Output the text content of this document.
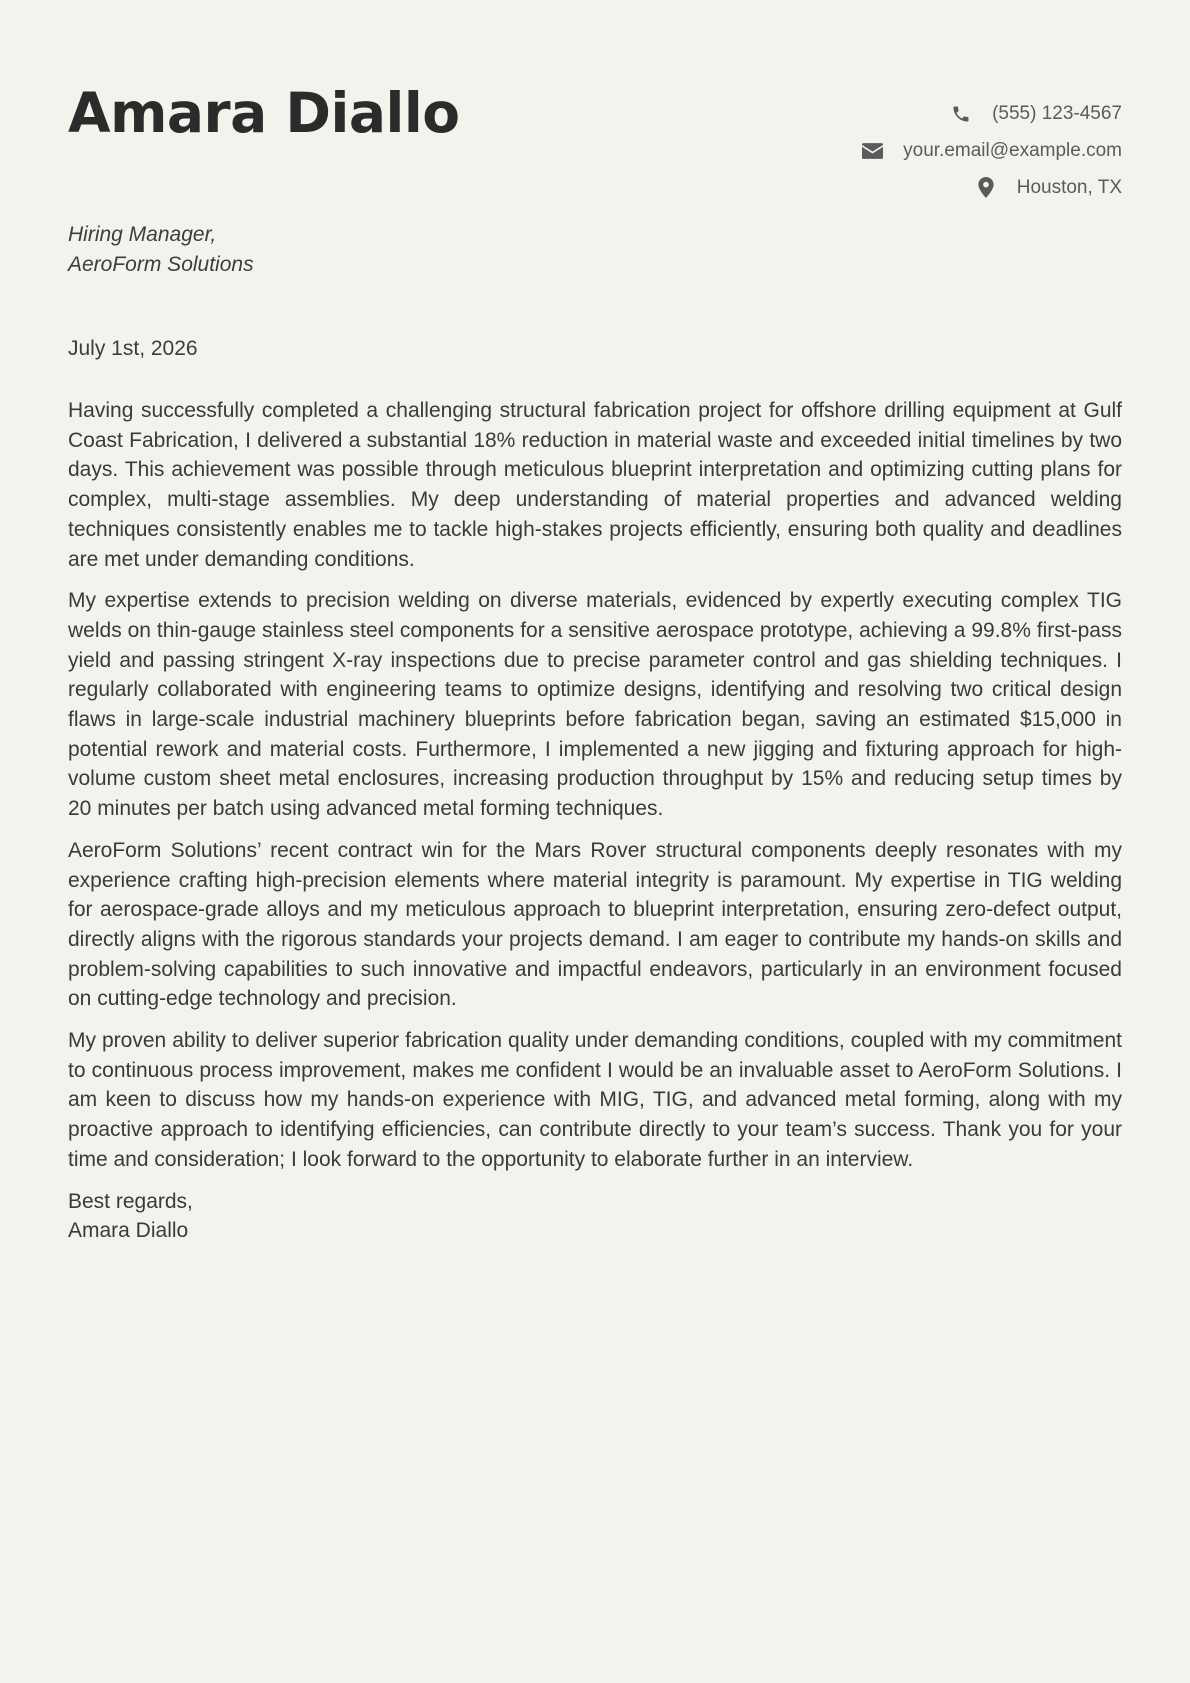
Amara Diallo	(555) 123-4567
your.email@example.com
Houston, TX
Hiring Manager,
AeroForm Solutions
July 1st, 2026

Having successfully completed a challenging structural fabrication project for offshore drilling equipment at Gulf Coast Fabrication, I delivered a substantial 18% reduction in material waste and exceeded initial timelines by two days. This achievement was possible through meticulous blueprint interpretation and optimizing cutting plans for complex, multi-stage assemblies. My deep understanding of material properties and advanced welding techniques consistently enables me to tackle high-stakes projects efficiently, ensuring both quality and deadlines are met under demanding conditions.

My expertise extends to precision welding on diverse materials, evidenced by expertly executing complex TIG welds on thin-gauge stainless steel components for a sensitive aerospace prototype, achieving a 99.8% first-pass yield and passing stringent X-ray inspections due to precise parameter control and gas shielding techniques. I regularly collaborated with engineering teams to optimize designs, identifying and resolving two critical design flaws in large-scale industrial machinery blueprints before fabrication began, saving an estimated $15,000 in potential rework and material costs. Furthermore, I implemented a new jigging and fixturing approach for high-volume custom sheet metal enclosures, increasing production throughput by 15% and reducing setup times by 20 minutes per batch using advanced metal forming techniques.

AeroForm Solutions’ recent contract win for the Mars Rover structural components deeply resonates with my experience crafting high-precision elements where material integrity is paramount. My expertise in TIG welding for aerospace-grade alloys and my meticulous approach to blueprint interpretation, ensuring zero-defect output, directly aligns with the rigorous standards your projects demand. I am eager to contribute my hands-on skills and problem-solving capabilities to such innovative and impactful endeavors, particularly in an environment focused on cutting-edge technology and precision.

My proven ability to deliver superior fabrication quality under demanding conditions, coupled with my commitment to continuous process improvement, makes me confident I would be an invaluable asset to AeroForm Solutions. I am keen to discuss how my hands-on experience with MIG, TIG, and advanced metal forming, along with my proactive approach to identifying efficiencies, can contribute directly to your team’s success. Thank you for your time and consideration; I look forward to the opportunity to elaborate further in an interview.

Best regards,
Amara Diallo
